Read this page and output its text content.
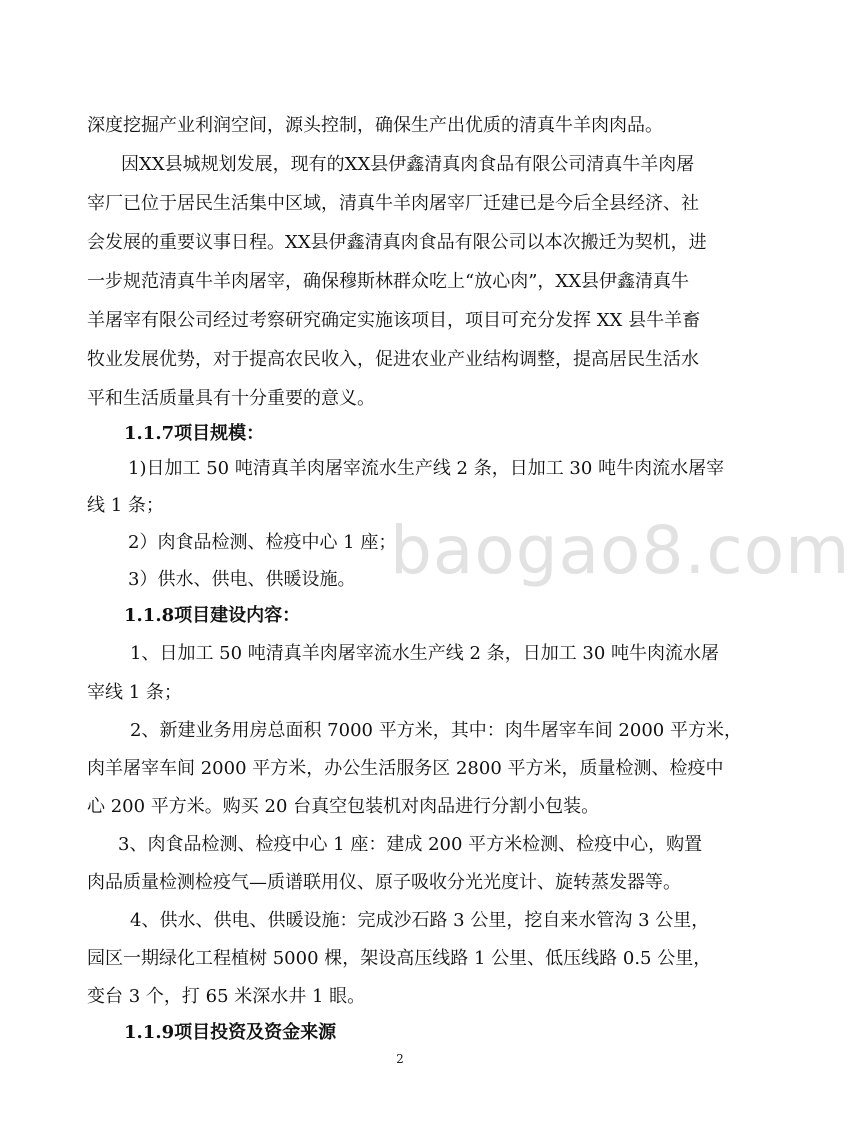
baogao8.com
深度挖掘产业利润空间，源头控制，确保生产出优质的清真牛羊肉肉品。
因XX县城规划发展，现有的XX县伊鑫清真肉食品有限公司清真牛羊肉屠
宰厂已位于居民生活集中区域，清真牛羊肉屠宰厂迁建已是今后全县经济、社
会发展的重要议事日程。XX县伊鑫清真肉食品有限公司以本次搬迁为契机，进
一步规范清真牛羊肉屠宰，确保穆斯林群众吃上“放心肉”，XX县伊鑫清真牛
羊屠宰有限公司经过考察研究确定实施该项目，项目可充分发挥 XX 县牛羊畜
牧业发展优势，对于提高农民收入，促进农业产业结构调整，提高居民生活水
平和生活质量具有十分重要的意义。
1.1.7项目规模：
1)日加工 50 吨清真羊肉屠宰流水生产线 2 条，日加工 30 吨牛肉流水屠宰
线 1 条；
2）肉食品检测、检疫中心 1 座；
3）供水、供电、供暖设施。
1.1.8项目建设内容：
1、日加工 50 吨清真羊肉屠宰流水生产线 2 条，日加工 30 吨牛肉流水屠
宰线 1 条；
2、新建业务用房总面积 7000 平方米，其中：肉牛屠宰车间 2000 平方米，
肉羊屠宰车间 2000 平方米，办公生活服务区 2800 平方米，质量检测、检疫中
心 200 平方米。购买 20 台真空包装机对肉品进行分割小包装。
3、肉食品检测、检疫中心 1 座：建成 200 平方米检测、检疫中心，购置
肉品质量检测检疫气—质谱联用仪、原子吸收分光光度计、旋转蒸发器等。
4、供水、供电、供暖设施：完成沙石路 3 公里，挖自来水管沟 3 公里，
园区一期绿化工程植树 5000 棵，架设高压线路 1 公里、低压线路 0.5 公里，
变台 3 个，打 65 米深水井 1 眼。
1.1.9项目投资及资金来源
2
